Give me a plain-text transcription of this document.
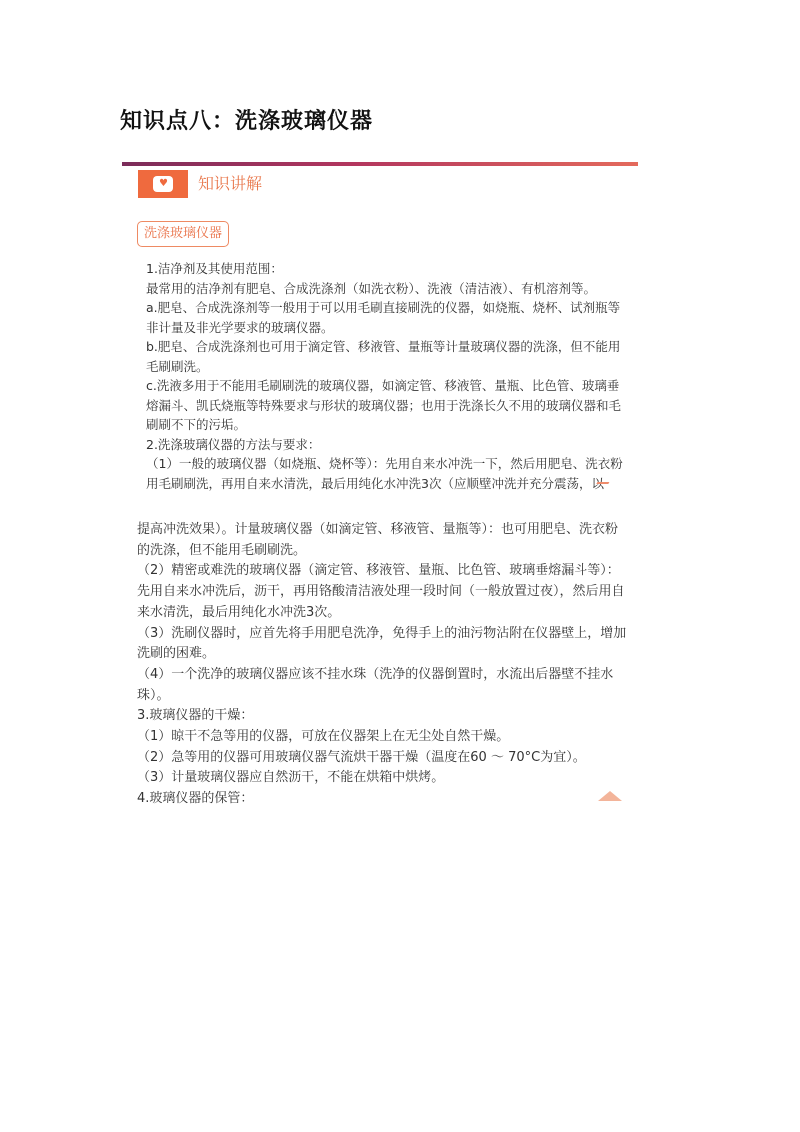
知识点八：洗涤玻璃仪器
♥ 知识讲解
洗涤玻璃仪器

1.洁净剂及其使用范围：

最常用的洁净剂有肥皂、合成洗涤剂（如洗衣粉）、洗液（清洁液）、有机溶剂等。

a.肥皂、合成洗涤剂等一般用于可以用毛刷直接刷洗的仪器，如烧瓶、烧杯、试剂瓶等非计量及非光学要求的玻璃仪器。

b.肥皂、合成洗涤剂也可用于滴定管、移液管、量瓶等计量玻璃仪器的洗涤，但不能用毛刷刷洗。

c.洗液多用于不能用毛刷刷洗的玻璃仪器，如滴定管、移液管、量瓶、比色管、玻璃垂熔漏斗、凯氏烧瓶等特殊要求与形状的玻璃仪器；也用于洗涤长久不用的玻璃仪器和毛刷刷不下的污垢。

2.洗涤玻璃仪器的方法与要求：

（1）一般的玻璃仪器（如烧瓶、烧杯等）：先用自来水冲洗一下，然后用肥皂、洗衣粉用毛刷刷洗，再用自来水清洗，最后用纯化水冲洗3次（应顺壁冲洗并充分震荡，以

提高冲洗效果）。计量玻璃仪器（如滴定管、移液管、量瓶等）：也可用肥皂、洗衣粉的洗涤，但不能用毛刷刷洗。

（2）精密或难洗的玻璃仪器（滴定管、移液管、量瓶、比色管、玻璃垂熔漏斗等）：先用自来水冲洗后，沥干，再用铬酸清洁液处理一段时间（一般放置过夜），然后用自来水清洗，最后用纯化水冲洗3次。

（3）洗刷仪器时，应首先将手用肥皂洗净，免得手上的油污物沾附在仪器壁上，增加洗刷的困难。

（4）一个洗净的玻璃仪器应该不挂水珠（洗净的仪器倒置时，水流出后器壁不挂水珠）。

3.玻璃仪器的干燥：

（1）晾干不急等用的仪器，可放在仪器架上在无尘处自然干燥。

（2）急等用的仪器可用玻璃仪器气流烘干器干燥（温度在60 ～ 70°C为宜）。

（3）计量玻璃仪器应自然沥干，不能在烘箱中烘烤。

4.玻璃仪器的保管：
